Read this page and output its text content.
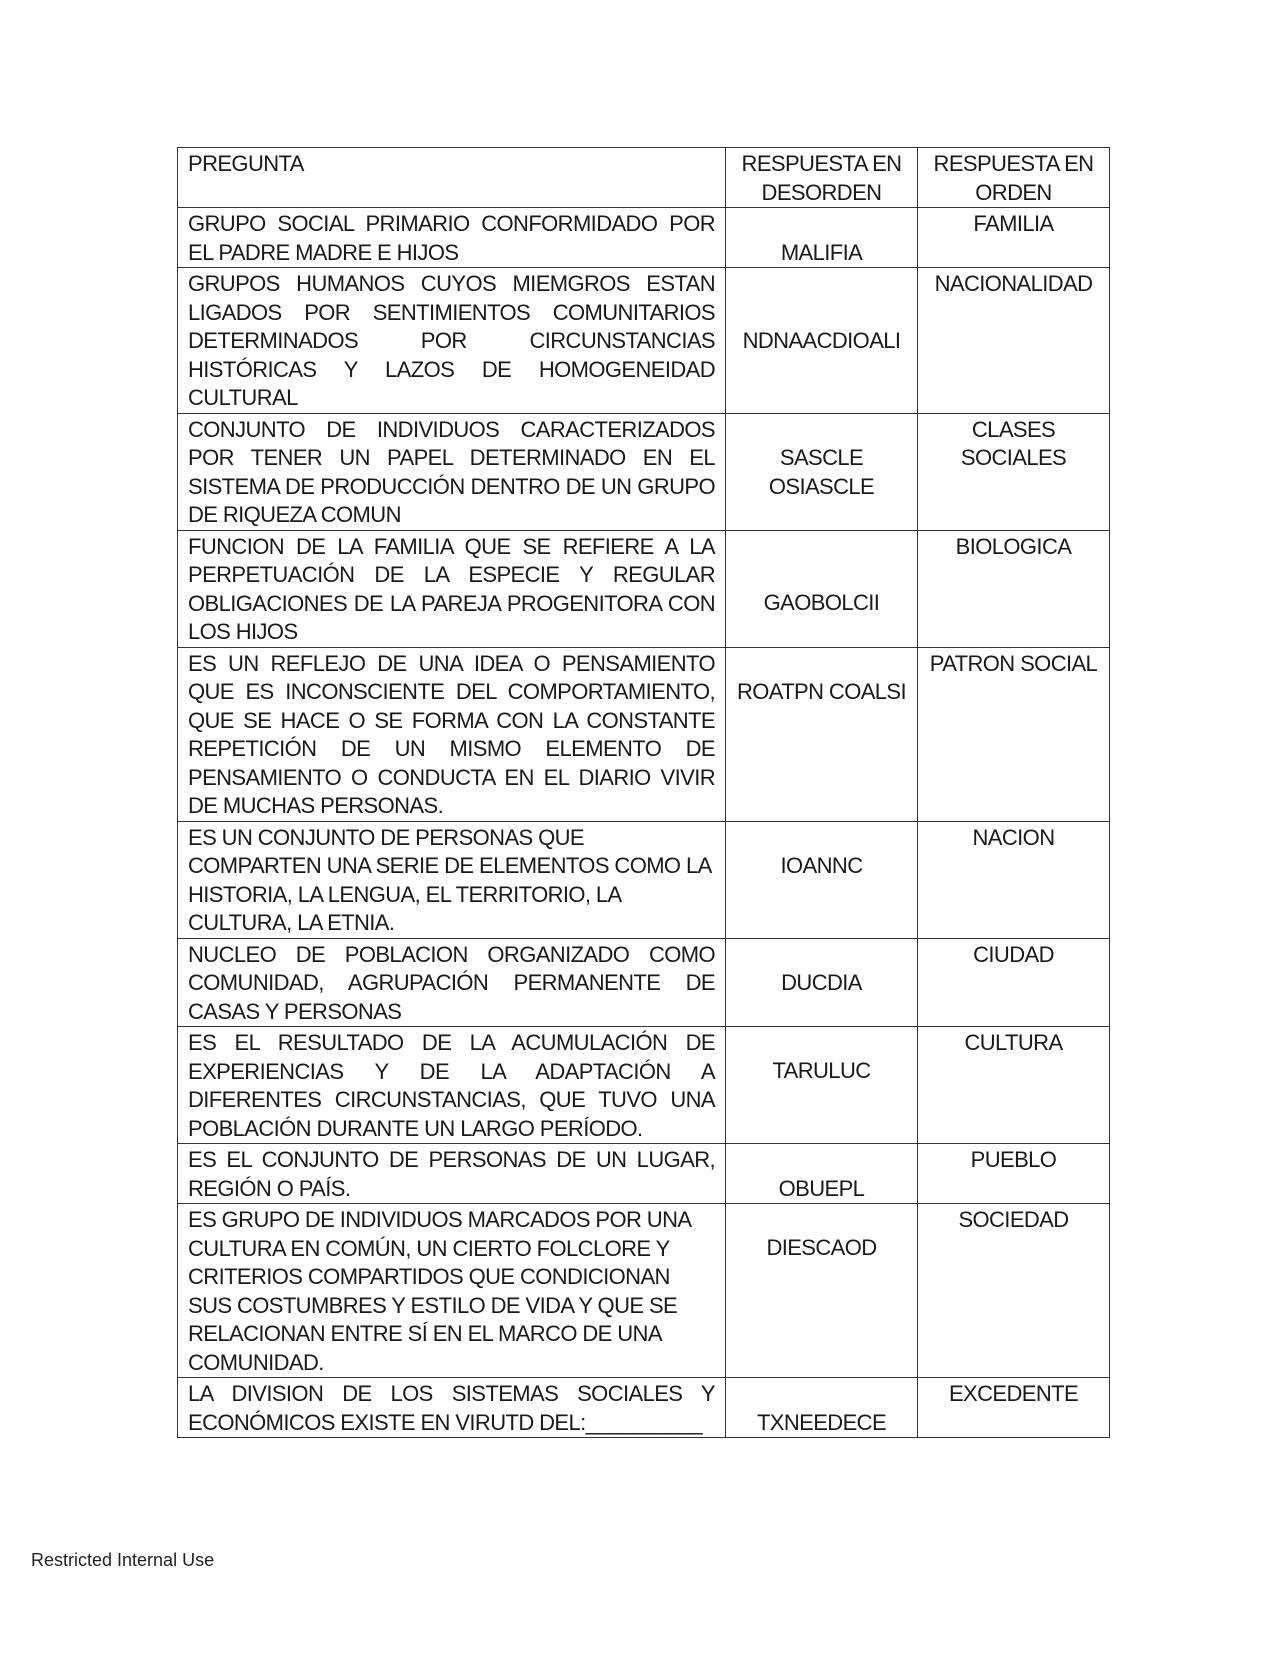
PREGUNTA	RESPUESTA EN DESORDEN	RESPUESTA EN ORDEN
GRUPO SOCIAL PRIMARIO CONFORMIDADO POR EL PADRE MADRE E HIJOS	MALIFIA	FAMILIA
GRUPOS HUMANOS CUYOS MIEMGROS ESTAN LIGADOS POR SENTIMIENTOS COMUNITARIOS DETERMINADOS POR CIRCUNSTANCIAS HISTÓRICAS Y LAZOS DE HOMOGENEIDAD CULTURAL	NDNAACDIOALI	NACIONALIDAD
CONJUNTO DE INDIVIDUOS CARACTERIZADOS POR TENER UN PAPEL DETERMINADO EN EL SISTEMA DE PRODUCCIÓN DENTRO DE UN GRUPO DE RIQUEZA COMUN	SASCLE OSIASCLE	CLASES SOCIALES
FUNCION DE LA FAMILIA QUE SE REFIERE A LA PERPETUACIÓN DE LA ESPECIE Y REGULAR OBLIGACIONES DE LA PAREJA PROGENITORA CON LOS HIJOS	GAOBOLCII	BIOLOGICA
ES UN REFLEJO DE UNA IDEA O PENSAMIENTO QUE ES INCONSCIENTE DEL COMPORTAMIENTO, QUE SE HACE O SE FORMA CON LA CONSTANTE REPETICIÓN DE UN MISMO ELEMENTO DE PENSAMIENTO O CONDUCTA EN EL DIARIO VIVIR DE MUCHAS PERSONAS.	ROATPN COALSI	PATRON SOCIAL
ES UN CONJUNTO DE PERSONAS QUE COMPARTEN UNA SERIE DE ELEMENTOS COMO LA HISTORIA, LA LENGUA, EL TERRITORIO, LA CULTURA, LA ETNIA.	IOANNC	NACION
NUCLEO DE POBLACION ORGANIZADO COMO COMUNIDAD, AGRUPACIÓN PERMANENTE DE CASAS Y PERSONAS	DUCDIA	CIUDAD
ES EL RESULTADO DE LA ACUMULACIÓN DE EXPERIENCIAS Y DE LA ADAPTACIÓN A DIFERENTES CIRCUNSTANCIAS, QUE TUVO UNA POBLACIÓN DURANTE UN LARGO PERÍODO.	TARULUC	CULTURA
ES EL CONJUNTO DE PERSONAS DE UN LUGAR, REGIÓN O PAÍS.	OBUEPL	PUEBLO
ES GRUPO DE INDIVIDUOS MARCADOS POR UNA CULTURA EN COMÚN, UN CIERTO FOLCLORE Y CRITERIOS COMPARTIDOS QUE CONDICIONAN SUS COSTUMBRES Y ESTILO DE VIDA Y QUE SE RELACIONAN ENTRE SÍ EN EL MARCO DE UNA COMUNIDAD.	DIESCAOD	SOCIEDAD
LA DIVISION DE LOS SISTEMAS SOCIALES Y ECONÓMICOS EXISTE EN VIRUTD DEL:__________	TXNEEDECE	EXCEDENTE
Restricted Internal Use
